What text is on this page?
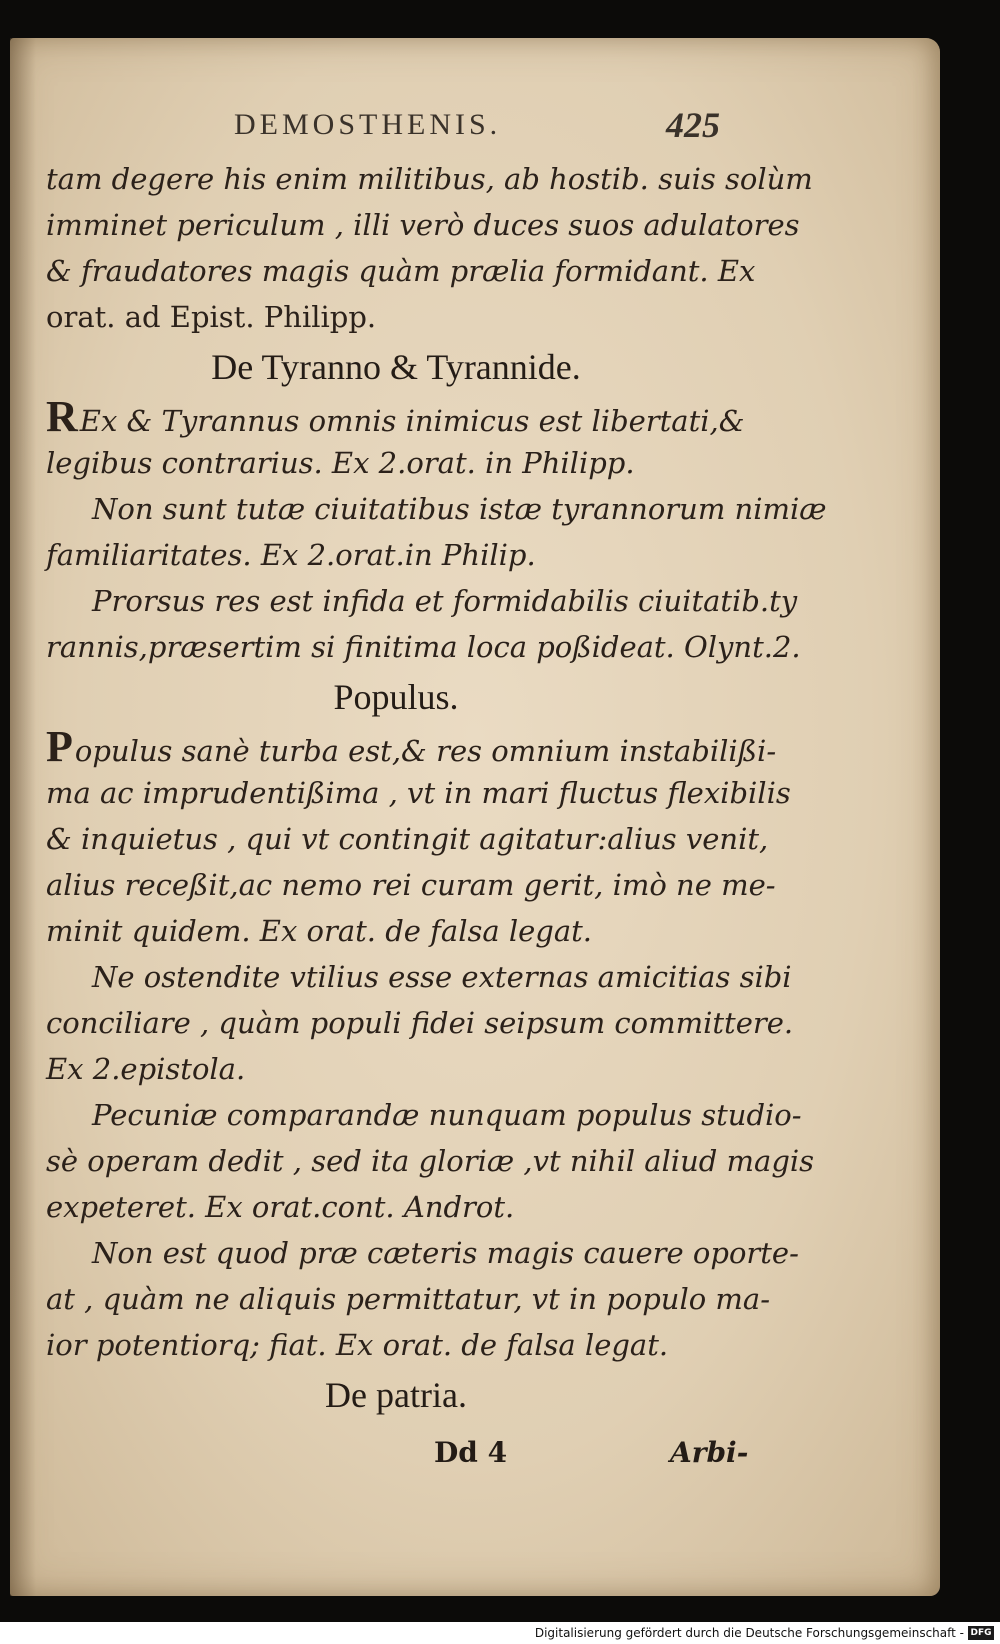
DEMOSTHENIS.	425
tam degere his enim militibus, ab hostib. suis solùm
imminet periculum , illi verò duces suos adulatores
& fraudatores magis quàm prælia formidant. Ex
orat. ad Epist. Philipp.
De Tyranno & Tyrannide.
REx & Tyrannus omnis inimicus est libertati,&
legibus contrarius. Ex 2.orat. in Philipp.
Non sunt tutæ ciuitatibus istæ tyrannorum nimiæ
familiaritates. Ex 2.orat.in Philip.
Prorsus res est infida et formidabilis ciuitatib.ty
rannis,præsertim si finitima loca poßideat. Olynt.2.
Populus.
Populus sanè turba est,& res omnium instabilißi-
ma ac imprudentißima , vt in mari fluctus flexibilis
& inquietus , qui vt contingit agitatur:alius venit,
alius receßit,ac nemo rei curam gerit, imò ne me-
minit quidem. Ex orat. de falsa legat.
Ne ostendite vtilius esse externas amicitias sibi
conciliare , quàm populi fidei seipsum committere.
Ex 2.epistola.
Pecuniæ comparandæ nunquam populus studio-
sè operam dedit , sed ita gloriæ ,vt nihil aliud magis
expeteret. Ex orat.cont. Androt.
Non est quod præ cæteris magis cauere oporte-
at , quàm ne aliquis permittatur, vt in populo ma-
ior potentiorq; fiat. Ex orat. de falsa legat.
De patria.
Dd 4	Arbi-
Digitalisierung gefördert durch die Deutsche Forschungsgemeinschaft - DFG
